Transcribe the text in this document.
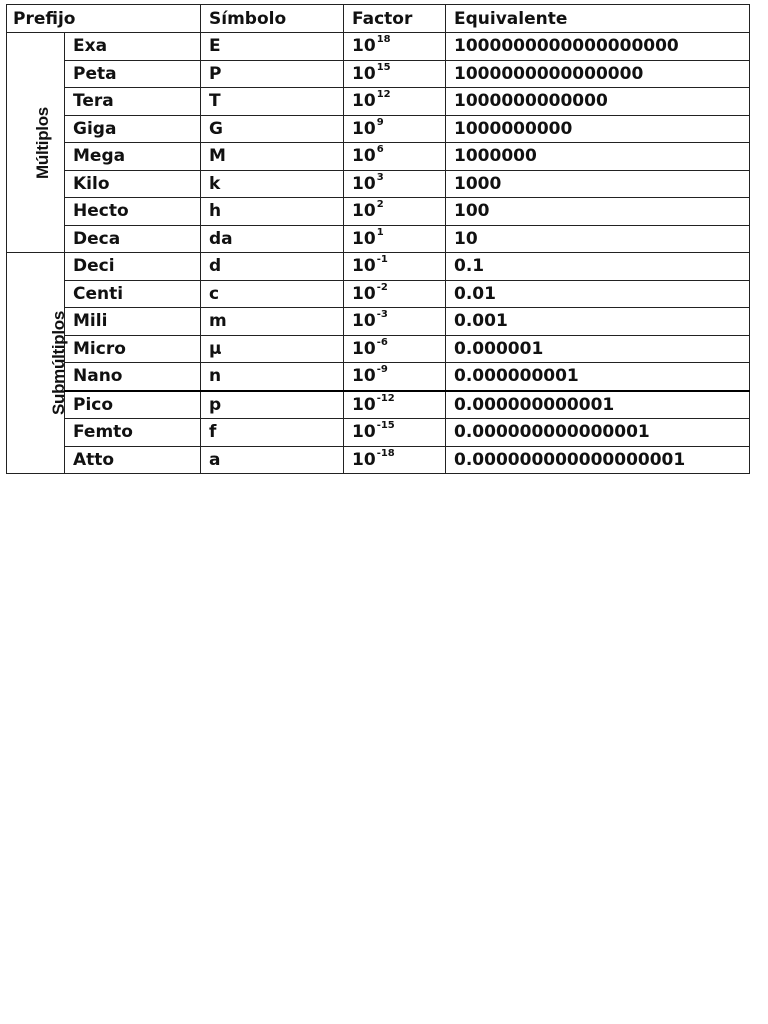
Prefijo		Símbolo	Factor	Equivalente
Múltiplos	Exa	E	$10^{18}$	1000000000000000000
	Peta	P	$10^{15}$	1000000000000000
	Tera	T	$10^{12}$	1000000000000
	Giga	G	$10^9$	1000000000
	Mega	M	$10^6$	1000000
	Kilo	k	$10^3$	1000
	Hecto	h	$10^2$	100
	Deca	da	$10^1$	10
Submúltiplos	Deci	d	$10^{-1}$	0.1
	Centi	c	$10^{-2}$	0.01
	Mili	m	$10^{-3}$	0.001
	Micro	µ	$10^{-6}$	0.000001
	Nano	n	$10^{-9}$	0.000000001
	Pico	p	$10^{-12}$	0.000000000001
	Femto	f	$10^{-15}$	0.000000000000001
	Atto	a	$10^{-18}$	0.000000000000000001
